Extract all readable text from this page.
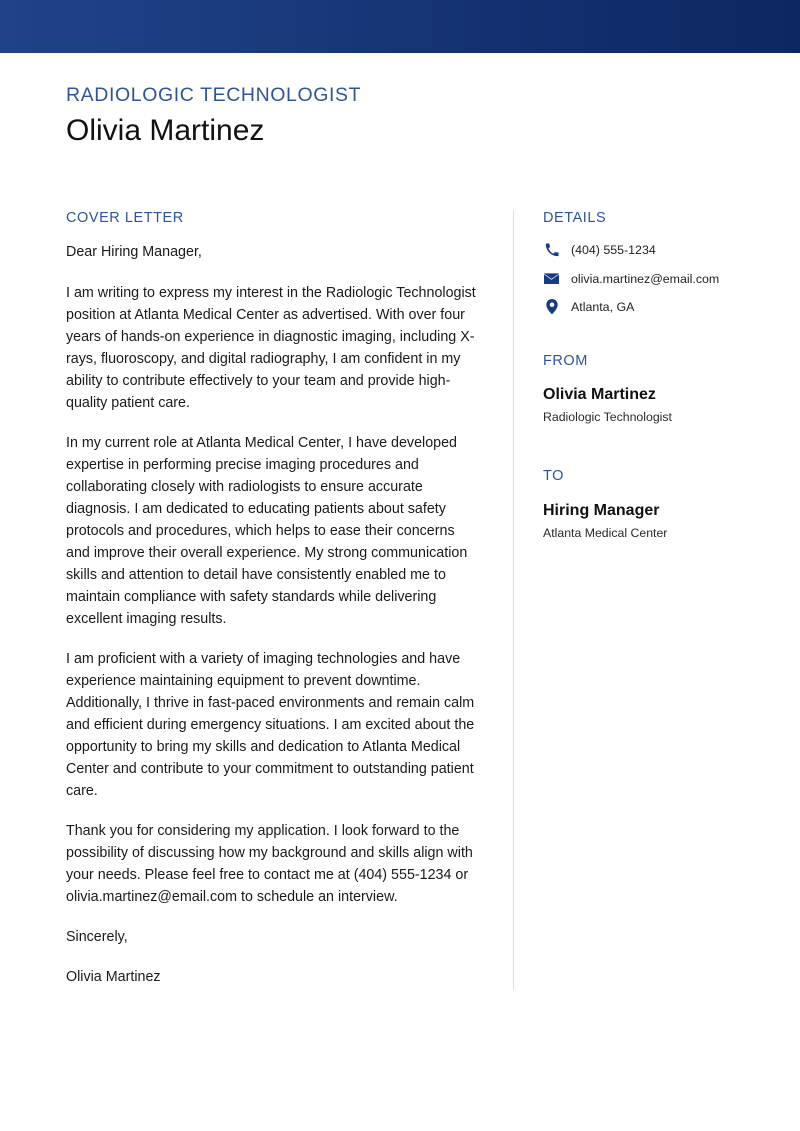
RADIOLOGIC TECHNOLOGIST
Olivia Martinez
COVER LETTER

Dear Hiring Manager,

I am writing to express my interest in the Radiologic Technologist position at Atlanta Medical Center as advertised. With over four years of hands-on experience in diagnostic imaging, including X-rays, fluoroscopy, and digital radiography, I am confident in my ability to contribute effectively to your team and provide high-quality patient care.

In my current role at Atlanta Medical Center, I have developed expertise in performing precise imaging procedures and collaborating closely with radiologists to ensure accurate diagnosis. I am dedicated to educating patients about safety protocols and procedures, which helps to ease their concerns and improve their overall experience. My strong communication skills and attention to detail have consistently enabled me to maintain compliance with safety standards while delivering excellent imaging results.

I am proficient with a variety of imaging technologies and have experience maintaining equipment to prevent downtime. Additionally, I thrive in fast-paced environments and remain calm and efficient during emergency situations. I am excited about the opportunity to bring my skills and dedication to Atlanta Medical Center and contribute to your commitment to outstanding patient care.

Thank you for considering my application. I look forward to the possibility of discussing how my background and skills align with your needs. Please feel free to contact me at (404) 555-1234 or olivia.martinez@email.com to schedule an interview.

Sincerely,

Olivia Martinez

DETAILS
(404) 555-1234
olivia.martinez@email.com
Atlanta, GA
FROM
Olivia Martinez
Radiologic Technologist
TO
Hiring Manager
Atlanta Medical Center
